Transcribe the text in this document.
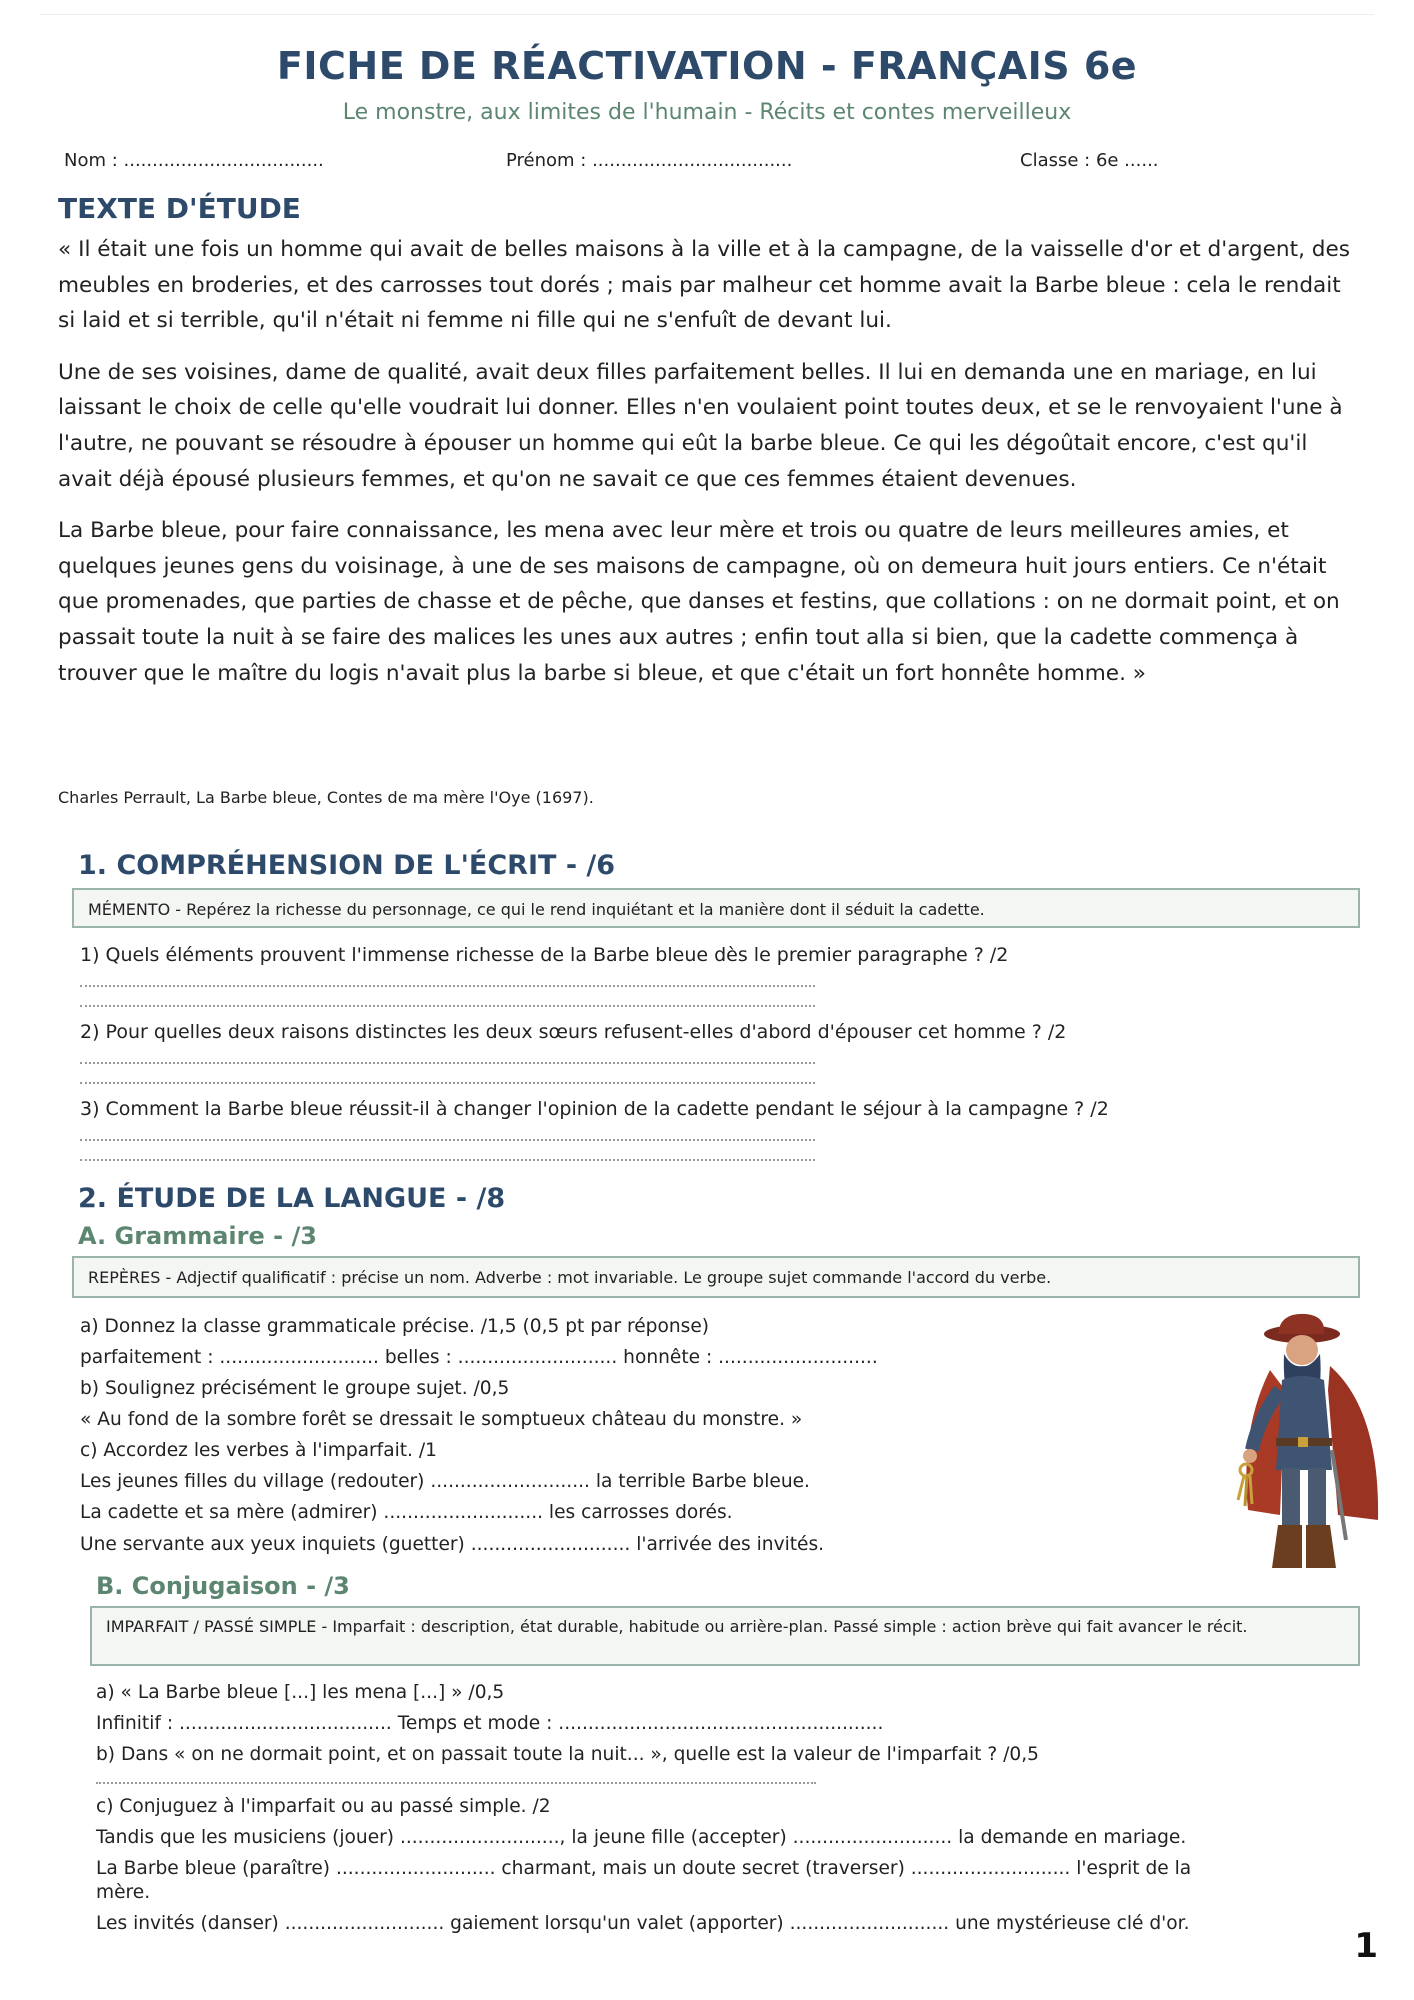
FICHE DE RÉACTIVATION - FRANÇAIS 6e
Le monstre, aux limites de l'humain - Récits et contes merveilleux
Nom : ...................................	Prénom : ...................................	Classe : 6e ......
TEXTE D'ÉTUDE

« Il était une fois un homme qui avait de belles maisons à la ville et à la campagne, de la vaisselle d'or et d'argent, des meubles en broderies, et des carrosses tout dorés ; mais par malheur cet homme avait la Barbe bleue : cela le rendait si laid et si terrible, qu'il n'était ni femme ni fille qui ne s'enfuît de devant lui.

Une de ses voisines, dame de qualité, avait deux filles parfaitement belles. Il lui en demanda une en mariage, en lui laissant le choix de celle qu'elle voudrait lui donner. Elles n'en voulaient point toutes deux, et se le renvoyaient l'une à l'autre, ne pouvant se résoudre à épouser un homme qui eût la barbe bleue. Ce qui les dégoûtait encore, c'est qu'il avait déjà épousé plusieurs femmes, et qu'on ne savait ce que ces femmes étaient devenues.

La Barbe bleue, pour faire connaissance, les mena avec leur mère et trois ou quatre de leurs meilleures amies, et quelques jeunes gens du voisinage, à une de ses maisons de campagne, où on demeura huit jours entiers. Ce n'était que promenades, que parties de chasse et de pêche, que danses et festins, que collations : on ne dormait point, et on passait toute la nuit à se faire des malices les unes aux autres ; enfin tout alla si bien, que la cadette commença à trouver que le maître du logis n'avait plus la barbe si bleue, et que c'était un fort honnête homme. »

Charles Perrault, La Barbe bleue, Contes de ma mère l'Oye (1697).
1. COMPRÉHENSION DE L'ÉCRIT - /6
MÉMENTO - Repérez la richesse du personnage, ce qui le rend inquiétant et la manière dont il séduit la cadette.
1) Quels éléments prouvent l'immense richesse de la Barbe bleue dès le premier paragraphe ? /2
2) Pour quelles deux raisons distinctes les deux sœurs refusent-elles d'abord d'épouser cet homme ? /2
3) Comment la Barbe bleue réussit-il à changer l'opinion de la cadette pendant le séjour à la campagne ? /2
2. ÉTUDE DE LA LANGUE - /8
A. Grammaire - /3
REPÈRES - Adjectif qualificatif : précise un nom. Adverbe : mot invariable. Le groupe sujet commande l'accord du verbe.
a) Donnez la classe grammaticale précise. /1,5 (0,5 pt par réponse)
parfaitement : ........................... belles : ........................... honnête : ...........................
b) Soulignez précisément le groupe sujet. /0,5
« Au fond de la sombre forêt se dressait le somptueux château du monstre. »
c) Accordez les verbes à l'imparfait. /1
Les jeunes filles du village (redouter) ........................... la terrible Barbe bleue.
La cadette et sa mère (admirer) ........................... les carrosses dorés.
Une servante aux yeux inquiets (guetter) ........................... l'arrivée des invités.
B. Conjugaison - /3
IMPARFAIT / PASSÉ SIMPLE - Imparfait : description, état durable, habitude ou arrière-plan. Passé simple : action brève qui fait avancer le récit.
a) « La Barbe bleue [...] les mena [...] » /0,5
Infinitif : .................................... Temps et mode : .......................................................
b) Dans « on ne dormait point, et on passait toute la nuit... », quelle est la valeur de l'imparfait ? /0,5
c) Conjuguez à l'imparfait ou au passé simple. /2
Tandis que les musiciens (jouer) ..........................., la jeune fille (accepter) ........................... la demande en mariage.
La Barbe bleue (paraître) ........................... charmant, mais un doute secret (traverser) ........................... l'esprit de la
mère.
Les invités (danser) ........................... gaiement lorsqu'un valet (apporter) ........................... une mystérieuse clé d'or.
1
